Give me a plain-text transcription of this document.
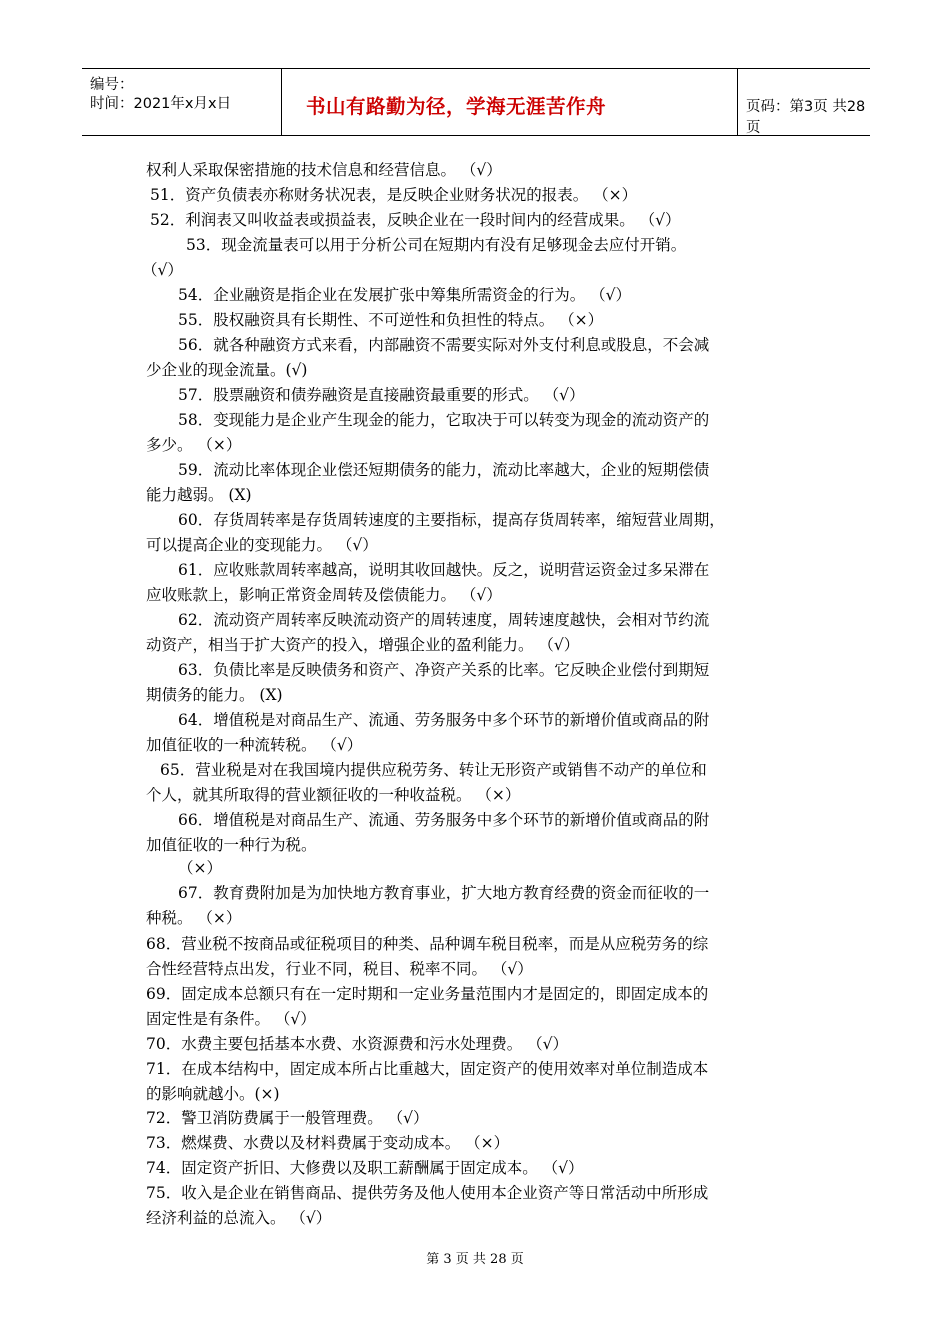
编号：
时间：2021年x月x日	书山有路勤为径，学海无涯苦作舟	页码：第3页 共28页
权利人采取保密措施的技术信息和经营信息。 （√）
51．资产负债表亦称财务状况表，是反映企业财务状况的报表。 （×）
52．利润表又叫收益表或损益表，反映企业在一段时间内的经营成果。 （√）
53．现金流量表可以用于分析公司在短期内有没有足够现金去应付开销。
（√）
54．企业融资是指企业在发展扩张中筹集所需资金的行为。 （√）
55．股权融资具有长期性、不可逆性和负担性的特点。 （×）
56．就各种融资方式来看，内部融资不需要实际对外支付利息或股息，不会减
少企业的现金流量。(√)
57．股票融资和债券融资是直接融资最重要的形式。 （√）
58．变现能力是企业产生现金的能力，它取决于可以转变为现金的流动资产的
多少。 （×）
59．流动比率体现企业偿还短期债务的能力，流动比率越大，企业的短期偿债
能力越弱。 (X)
60．存货周转率是存货周转速度的主要指标，提高存货周转率，缩短营业周期，
可以提高企业的变现能力。 （√）
61．应收账款周转率越高，说明其收回越快。反之，说明营运资金过多呆滞在
应收账款上，影响正常资金周转及偿债能力。 （√）
62．流动资产周转率反映流动资产的周转速度，周转速度越快，会相对节约流
动资产，相当于扩大资产的投入，增强企业的盈利能力。 （√）
63．负债比率是反映债务和资产、净资产关系的比率。它反映企业偿付到期短
期债务的能力。 (X)
64．增值税是对商品生产、流通、劳务服务中多个环节的新增价值或商品的附
加值征收的一种流转税。 （√）
65．营业税是对在我国境内提供应税劳务、转让无形资产或销售不动产的单位和
个人，就其所取得的营业额征收的一种收益税。 （×）
66．增值税是对商品生产、流通、劳务服务中多个环节的新增价值或商品的附
加值征收的一种行为税。
（×）
67．教育费附加是为加快地方教育事业，扩大地方教育经费的资金而征收的一
种税。 （×）
68．营业税不按商品或征税项目的种类、品种调车税目税率，而是从应税劳务的综
合性经营特点出发，行业不同，税目、税率不同。 （√）
69．固定成本总额只有在一定时期和一定业务量范围内才是固定的，即固定成本的
固定性是有条件。 （√）
70．水费主要包括基本水费、水资源费和污水处理费。 （√）
71．在成本结构中，固定成本所占比重越大，固定资产的使用效率对单位制造成本
的影响就越小。(×)
72．警卫消防费属于一般管理费。 （√）
73．燃煤费、水费以及材料费属于变动成本。 （×）
74．固定资产折旧、大修费以及职工薪酬属于固定成本。 （√）
75．收入是企业在销售商品、提供劳务及他人使用本企业资产等日常活动中所形成
经济利益的总流入。 （√）
第 3 页 共 28 页
